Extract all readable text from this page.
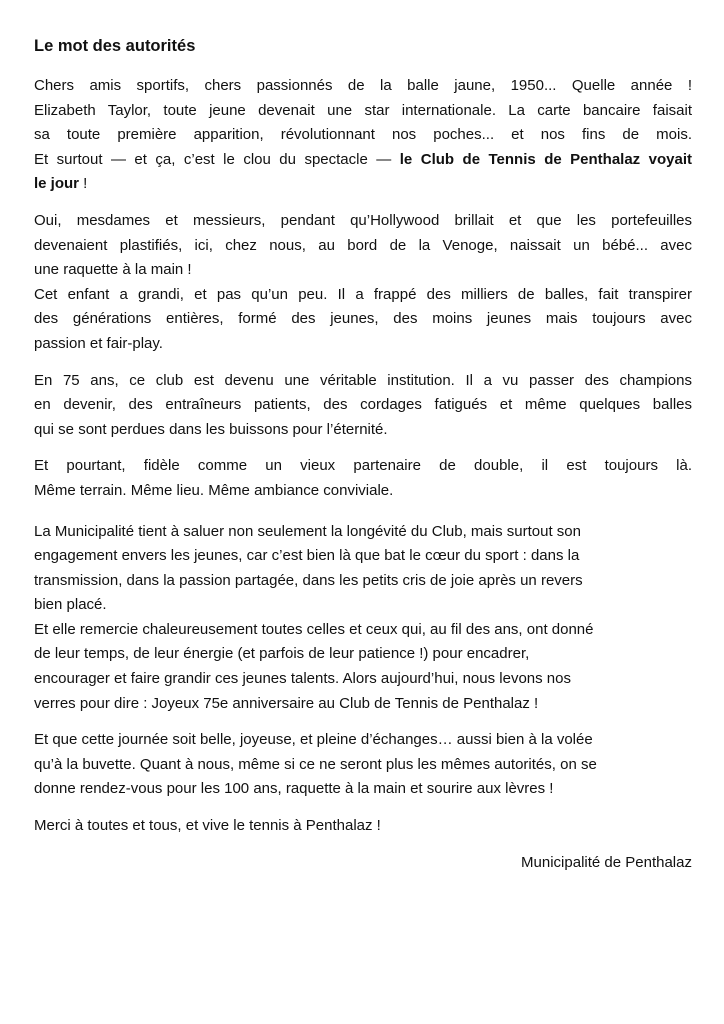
Le mot des autorités
Chers amis sportifs, chers passionnés de la balle jaune, 1950... Quelle année !
Elizabeth Taylor, toute jeune devenait une star internationale. La carte bancaire faisait
sa toute première apparition, révolutionnant nos poches... et nos fins de mois.
Et surtout — et ça, c’est le clou du spectacle — le Club de Tennis de Penthalaz voyait
le jour !
Oui, mesdames et messieurs, pendant qu’Hollywood brillait et que les portefeuilles
devenaient plastifiés, ici, chez nous, au bord de la Venoge, naissait un bébé... avec
une raquette à la main !
Cet enfant a grandi, et pas qu’un peu. Il a frappé des milliers de balles, fait transpirer
des générations entières, formé des jeunes, des moins jeunes mais toujours avec
passion et fair-play.
En 75 ans, ce club est devenu une véritable institution. Il a vu passer des champions
en devenir, des entraîneurs patients, des cordages fatigués et même quelques balles
qui se sont perdues dans les buissons pour l’éternité.
Et pourtant, fidèle comme un vieux partenaire de double, il est toujours là.
Même terrain. Même lieu. Même ambiance conviviale.
La Municipalité tient à saluer non seulement la longévité du Club, mais surtout son
engagement envers les jeunes, car c’est bien là que bat le cœur du sport : dans la
transmission, dans la passion partagée, dans les petits cris de joie après un revers
bien placé.
Et elle remercie chaleureusement toutes celles et ceux qui, au fil des ans, ont donné
de leur temps, de leur énergie (et parfois de leur patience !) pour encadrer,
encourager et faire grandir ces jeunes talents. Alors aujourd’hui, nous levons nos
verres pour dire : Joyeux 75e anniversaire au Club de Tennis de Penthalaz !
Et que cette journée soit belle, joyeuse, et pleine d’échanges… aussi bien à la volée
qu’à la buvette. Quant à nous, même si ce ne seront plus les mêmes autorités, on se
donne rendez-vous pour les 100 ans, raquette à la main et sourire aux lèvres !
Merci à toutes et tous, et vive le tennis à Penthalaz !
Municipalité de Penthalaz
